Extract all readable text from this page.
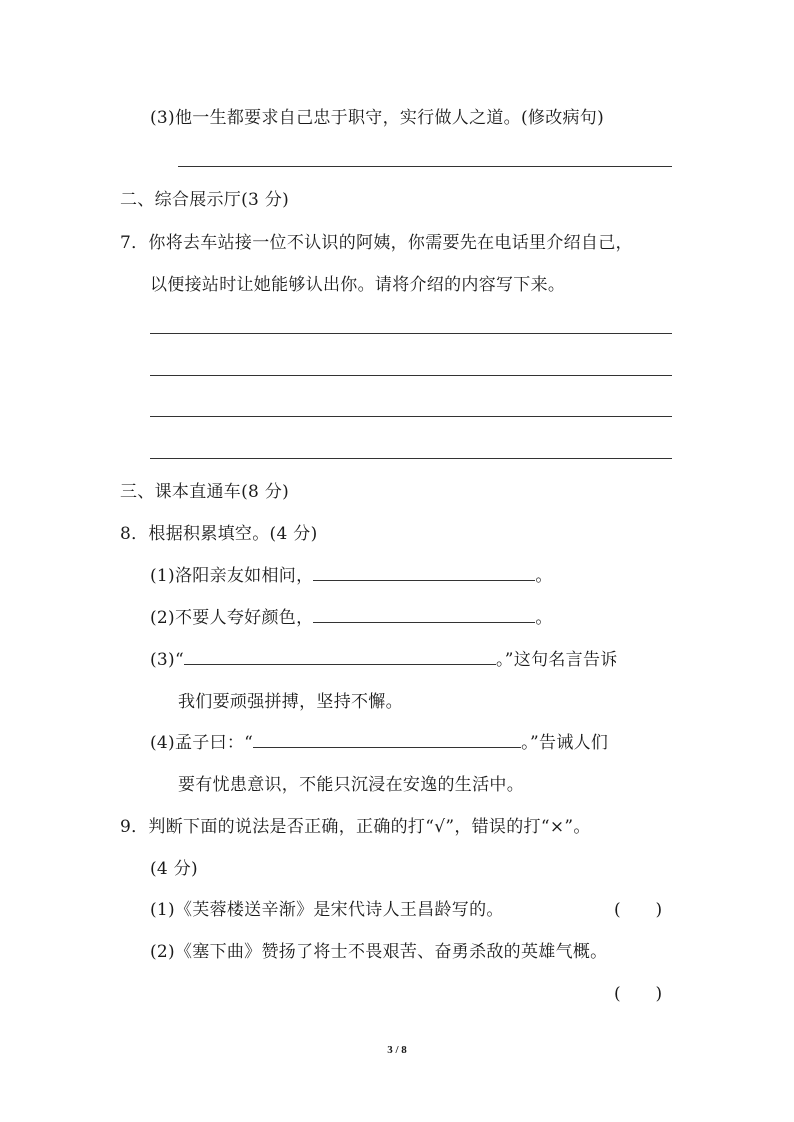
(3)他一生都要求自己忠于职守，实行做人之道。(修改病句)
二、综合展示厅(3 分)
7．你将去车站接一位不认识的阿姨，你需要先在电话里介绍自己，
以便接站时让她能够认出你。请将介绍的内容写下来。
三、课本直通车(8 分)
8．根据积累填空。(4 分)
(1)洛阳亲友如相问，	。
(2)不要人夸好颜色，	。
(3)“	。”这句名言告诉
我们要顽强拼搏，坚持不懈。
(4)孟子曰：“	。”告诫人们
要有忧患意识，不能只沉浸在安逸的生活中。
9．判断下面的说法是否正确，正确的打“√”，错误的打“×”。
(4 分)
(1)《芙蓉楼送辛渐》是宋代诗人王昌龄写的。	(　　)
(2)《塞下曲》赞扬了将士不畏艰苦、奋勇杀敌的英雄气概。
(　　)
3 / 8
